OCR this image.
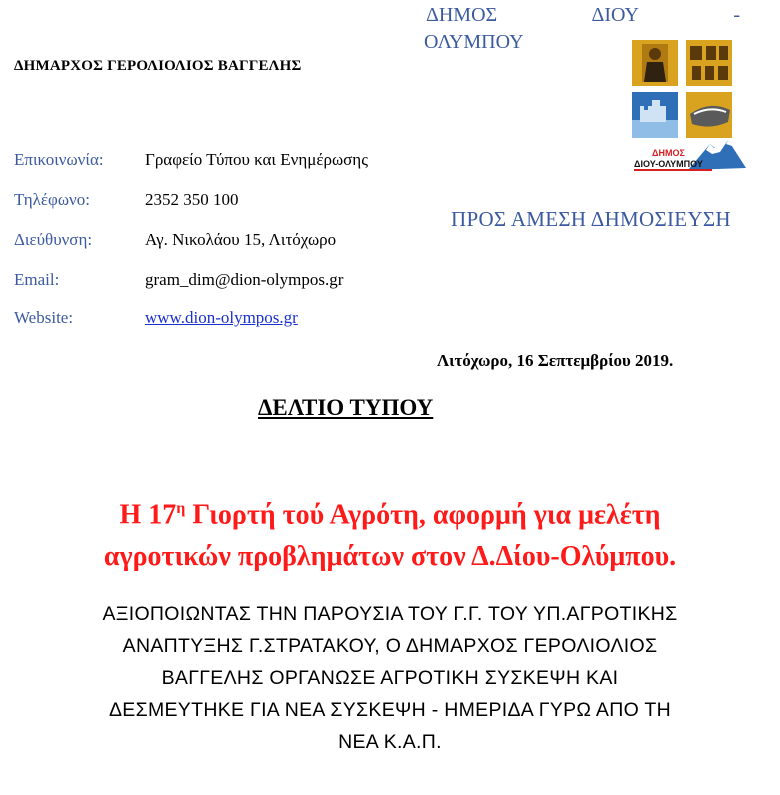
ΔΗΜΑΡΧΟΣ ΓΕΡΟΛΙΟΛΙΟΣ ΒΑΓΓΕΛΗΣ
ΔΗΜΟΣ	ΔΙΟΥ	-
ΟΛΥΜΠΟΥ
ΔΗΜΟΣ
ΔΙΟΥ-ΟΛΥΜΠΟΥ
ΠΡΟΣ ΑΜΕΣΗ ΔΗΜΟΣΙΕΥΣΗ
Επικοινωνία: Γραφείο Τύπου και Ενημέρωσης
Τηλέφωνο:	2352 350 100
Διεύθυνση:	Αγ. Νικολάου 15, Λιτόχωρο
Email:	gram_dim@dion-olympos.gr
Website:	www.dion-olympos.gr
Λιτόχωρο, 16 Σεπτεμβρίου 2019.
ΔΕΛΤΙΟ ΤΥΠΟΥ
Η $17^\eta$ Γιορτή τού Αγρότη, αφορμή για μελέτη
αγροτικών προβλημάτων στον Δ.Δίου-Ολύμπου.
ΑΞΙΟΠΟΙΩΝΤΑΣ ΤΗΝ ΠΑΡΟΥΣΙΑ ΤΟΥ Γ.Γ. ΤΟΥ ΥΠ.ΑΓΡΟΤΙΚΗΣ
ΑΝΑΠΤΥΞΗΣ Γ.ΣΤΡΑΤΑΚΟΥ, Ο ΔΗΜΑΡΧΟΣ ΓΕΡΟΛΙΟΛΙΟΣ
ΒΑΓΓΕΛΗΣ ΟΡΓΑΝΩΣΕ ΑΓΡΟΤΙΚΗ ΣΥΣΚΕΨΗ ΚΑΙ
ΔΕΣΜΕΥΤΗΚΕ ΓΙΑ ΝΕΑ ΣΥΣΚΕΨΗ - ΗΜΕΡΙΔΑ ΓΥΡΩ ΑΠΟ ΤΗ
ΝΕΑ Κ.Α.Π.
